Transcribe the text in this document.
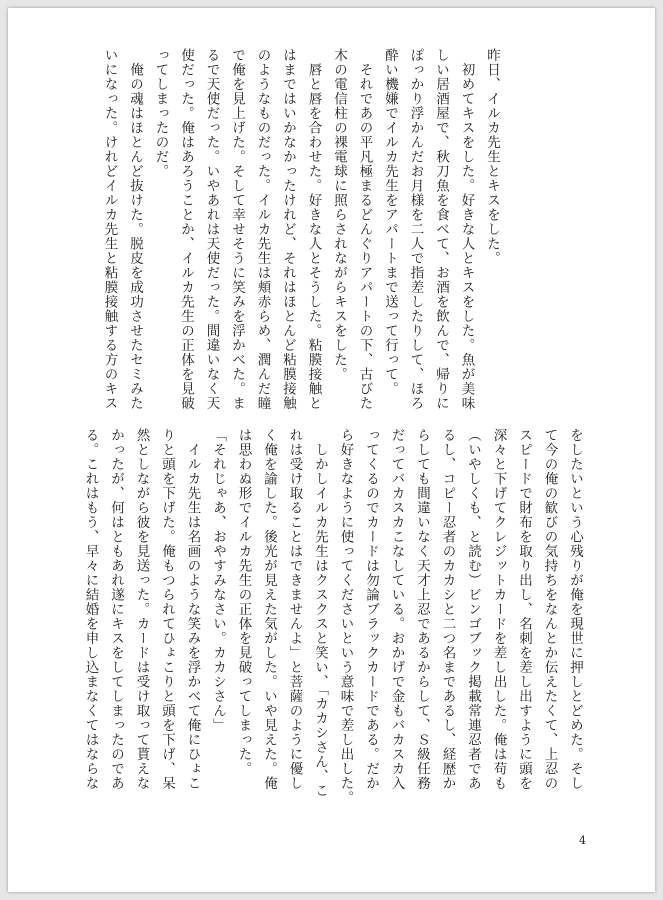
昨日、イルカ先生とキスをした。

　初めてキスをした。好きな人とキスをした。魚が美味

しい居酒屋で、秋刀魚を食べて、お酒を飲んで、帰りに

ぽっかり浮かんだお月様を二人で指差したりして、ほろ

酔い機嫌でイルカ先生をアパートまで送って行って。

　それであの平凡極まるどんぐりアパートの下、古びた

木の電信柱の裸電球に照らされながらキスをした。

　唇と唇を合わせた。好きな人とそうした。粘膜接触と

はまではいかなかったけれど、それはほとんど粘膜接触

のようなものだった。イルカ先生は頬赤らめ、潤んだ瞳

で俺を見上げた。そして幸せそうに笑みを浮かべた。ま

るで天使だった。いやあれは天使だった。間違いなく天

使だった。俺はあろうことか、イルカ先生の正体を見破

ってしまったのだ。

　俺の魂はほとんど抜けた。脱皮を成功させたセミみた

いになった。けれどイルカ先生と粘膜接触する方のキス

をしたいという心残りが俺を現世に押しとどめた。そし

て今の俺の歓びの気持ちをなんとか伝えたくて、上忍の

スピードで財布を取り出し、名刺を差し出すように頭を

深々と下げてクレジットカードを差し出した。俺は苟も

（いやしくも、と読む）ビンゴブック掲載常連忍者であ

るし、コピー忍者のカカシと二つ名まであるし、経歴か

らしても間違いなく天才上忍であるからして、Ｓ級任務

だってバカスカこなしている。おかげで金もバカスカ入

ってくるのでカードは勿論ブラックカードである。だか

ら好きなように使ってくださいという意味で差し出した。

　しかしイルカ先生はクスクスと笑い、「カカシさん、こ

れは受け取ることはできませんよ」と菩薩のように優し

く俺を諭した。後光が見えた気がした。いや見えた。俺

は思わぬ形でイルカ先生の正体を見破ってしまった。

「それじゃあ、おやすみなさい。カカシさん」

　イルカ先生は名画のような笑みを浮かべて俺にひょこ

りと頭を下げた。俺もつられてひょこりと頭を下げ、呆

然としながら彼を見送った。カードは受け取って貰えな

かったが、何はともあれ遂にキスをしてしまったのであ

る。これはもう、早々に結婚を申し込まなくてはならな

4
